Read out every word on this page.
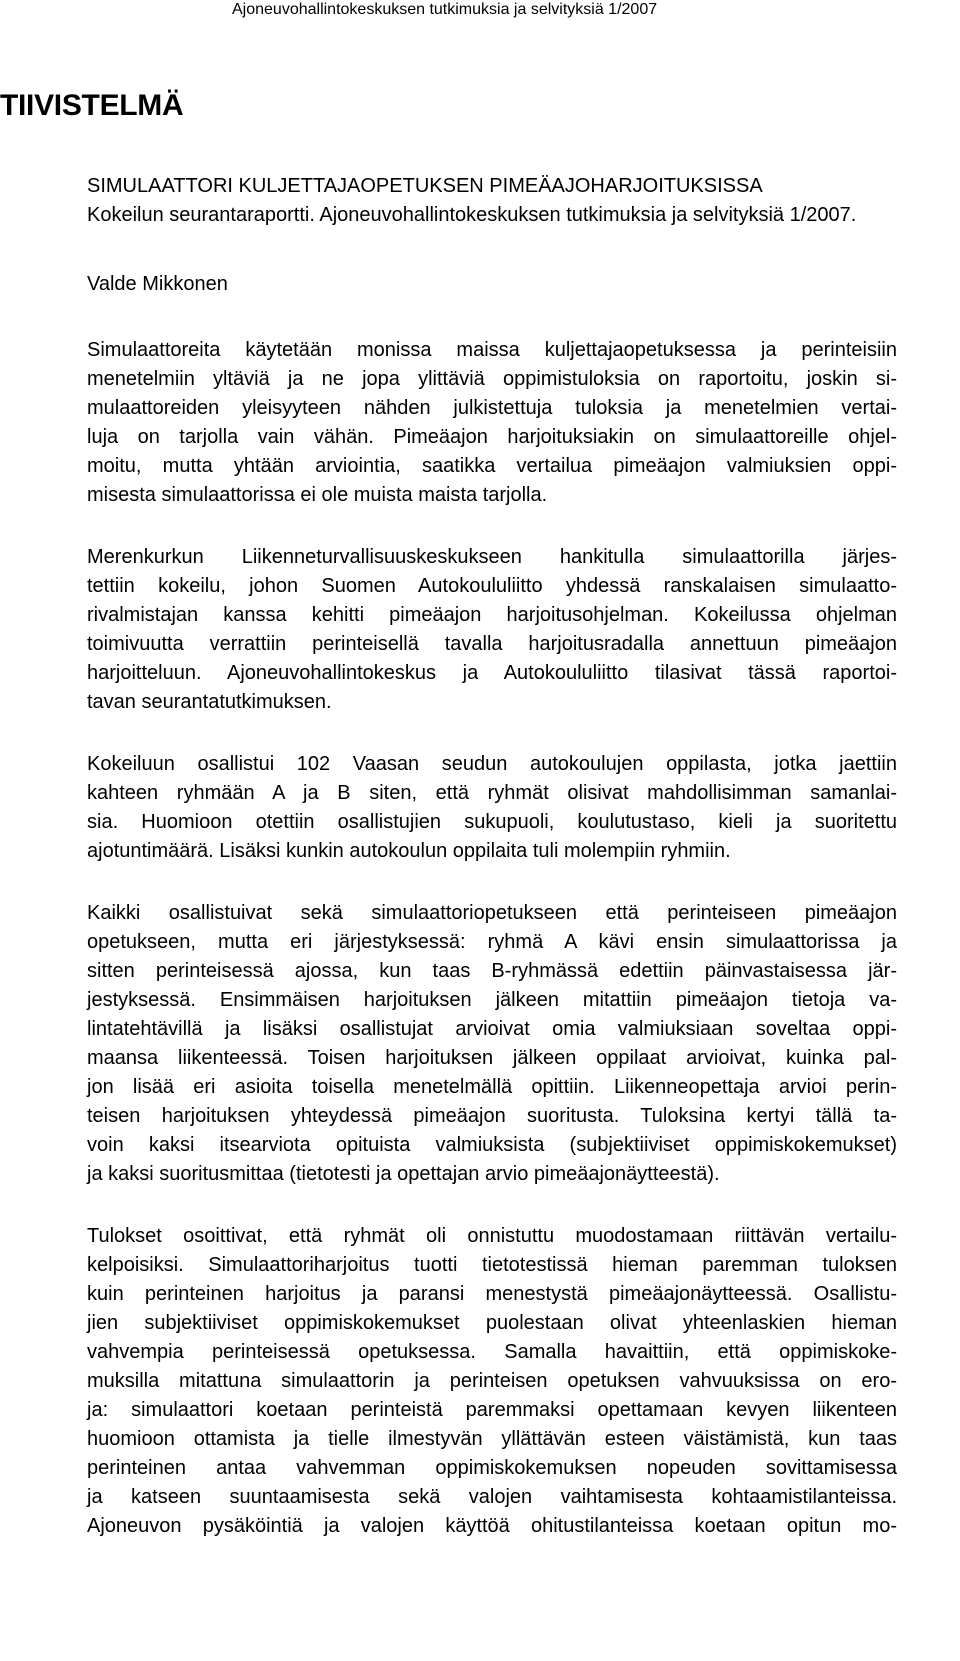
Ajoneuvohallintokeskuksen tutkimuksia ja selvityksiä 1/2007
TIIVISTELMÄ

SIMULAATTORI KULJETTAJAOPETUKSEN PIMEÄAJOHARJOITUKSISSA

Kokeilun seurantaraportti. Ajoneuvohallintokeskuksen tutkimuksia ja selvityksiä 1/2007.

Valde Mikkonen

Simulaattoreita käytetään monissa maissa kuljettajaopetuksessa ja perinteisiin
menetelmiin yltäviä ja ne jopa ylittäviä oppimistuloksia on raportoitu, joskin si-
mulaattoreiden yleisyyteen nähden julkistettuja tuloksia ja menetelmien vertai-
luja on tarjolla vain vähän. Pimeäajon harjoituksiakin on simulaattoreille ohjel-
moitu, mutta yhtään arviointia, saatikka vertailua pimeäajon valmiuksien oppi-
misesta simulaattorissa ei ole muista maista tarjolla.

Merenkurkun Liikenneturvallisuuskeskukseen hankitulla simulaattorilla järjes-
tettiin kokeilu, johon Suomen Autokoululiitto yhdessä ranskalaisen simulaatto-
rivalmistajan kanssa kehitti pimeäajon harjoitusohjelman. Kokeilussa ohjelman
toimivuutta verrattiin perinteisellä tavalla harjoitusradalla annettuun pimeäajon
harjoitteluun. Ajoneuvohallintokeskus ja Autokoululiitto tilasivat tässä raportoi-
tavan seurantatutkimuksen.

Kokeiluun osallistui 102 Vaasan seudun autokoulujen oppilasta, jotka jaettiin
kahteen ryhmään A ja B siten, että ryhmät olisivat mahdollisimman samanlai-
sia. Huomioon otettiin osallistujien sukupuoli, koulutustaso, kieli ja suoritettu
ajotuntimäärä. Lisäksi kunkin autokoulun oppilaita tuli molempiin ryhmiin.

Kaikki osallistuivat sekä simulaattoriopetukseen että perinteiseen pimeäajon
opetukseen, mutta eri järjestyksessä: ryhmä A kävi ensin simulaattorissa ja
sitten perinteisessä ajossa, kun taas B-ryhmässä edettiin päinvastaisessa jär-
jestyksessä. Ensimmäisen harjoituksen jälkeen mitattiin pimeäajon tietoja va-
lintatehtävillä ja lisäksi osallistujat arvioivat omia valmiuksiaan soveltaa oppi-
maansa liikenteessä. Toisen harjoituksen jälkeen oppilaat arvioivat, kuinka pal-
jon lisää eri asioita toisella menetelmällä opittiin. Liikenneopettaja arvioi perin-
teisen harjoituksen yhteydessä pimeäajon suoritusta. Tuloksina kertyi tällä ta-
voin kaksi itsearviota opituista valmiuksista (subjektiiviset oppimiskokemukset)
ja kaksi suoritusmittaa (tietotesti ja opettajan arvio pimeäajonäytteestä).

Tulokset osoittivat, että ryhmät oli onnistuttu muodostamaan riittävän vertailu-
kelpoisiksi. Simulaattoriharjoitus tuotti tietotestissä hieman paremman tuloksen
kuin perinteinen harjoitus ja paransi menestystä pimeäajonäytteessä. Osallistu-
jien subjektiiviset oppimiskokemukset puolestaan olivat yhteenlaskien hieman
vahvempia perinteisessä opetuksessa. Samalla havaittiin, että oppimiskoke-
muksilla mitattuna simulaattorin ja perinteisen opetuksen vahvuuksissa on ero-
ja: simulaattori koetaan perinteistä paremmaksi opettamaan kevyen liikenteen
huomioon ottamista ja tielle ilmestyvän yllättävän esteen väistämistä, kun taas
perinteinen antaa vahvemman oppimiskokemuksen nopeuden sovittamisessa
ja katseen suuntaamisesta sekä valojen vaihtamisesta kohtaamistilanteissa.
Ajoneuvon pysäköintiä ja valojen käyttöä ohitustilanteissa koetaan opitun mo-
